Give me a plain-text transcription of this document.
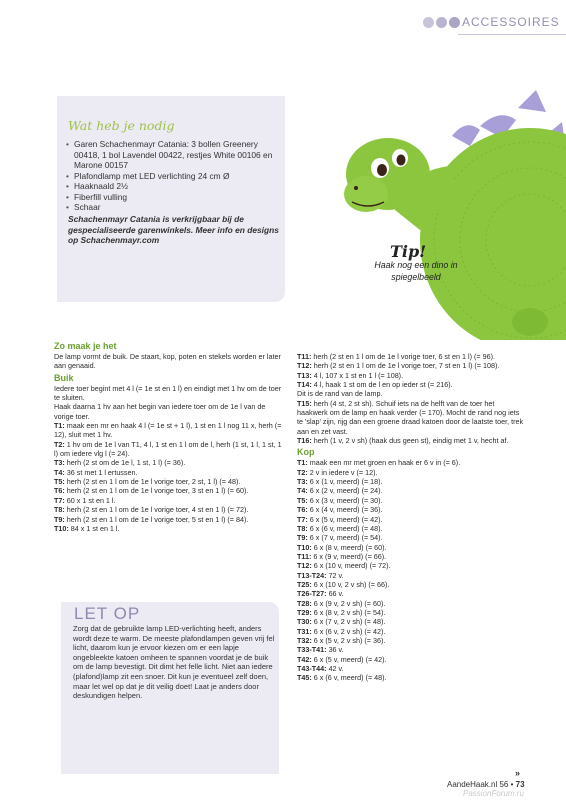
ACCESSOIRES
Wat heb je nodig
• Garen Schachenmayr Catania: 3 bollen Greenery 00418, 1 bol Lavendel 00422, restjes White 00106 en Marone 00157
• Plafondlamp met LED verlichting 24 cm Ø
• Haaknaald 2½
• Fiberfill vulling
• Schaar
Schachenmayr Catania is verkrijgbaar bij de gespecialiseerde garenwinkels. Meer info en designs op Schachenmayr.com
Tip!
Haak nog een dino in spiegelbeeld

Zo maak je het

De lamp vormt de buik. De staart, kop, poten en stekels worden er later aan genaaid.

Buik

Iedere toer begint met 4 l (= 1e st en 1 l) en eindigt met 1 hv om de toer te sluiten.

Haak daarna 1 hv aan het begin van iedere toer om de 1e l van de vorige toer.

T1: maak een mr en haak 4 l (= 1e st + 1 l), 1 st en 1 l nog 11 x, herh (= 12), sluit met 1 hv.

T2: 1 hv om de 1e l van T1, 4 l, 1 st en 1 l om de l, herh (1 st, 1 l, 1 st, 1 l) om iedere vlg l (= 24).

T3: herh (2 st om de 1e l, 1 st, 1 l) (= 36).

T4: 36 st met 1 l ertussen.

T5: herh (2 st en 1 l om de 1e l vorige toer, 2 st, 1 l) (= 48).

T6: herh (2 st en 1 l om de 1e l vorige toer, 3 st en 1 l) (= 60).

T7: 60 x 1 st en 1 l.

T8: herh (2 st en 1 l om de 1e l vorige toer, 4 st en 1 l) (= 72).

T9: herh (2 st en 1 l om de 1e l vorige toer, 5 st en 1 l) (= 84).

T10: 84 x 1 st en 1 l.

T11: herh (2 st en 1 l om de 1e l vorige toer, 6 st en 1 l) (= 96).

T12: herh (2 st en 1 l om de 1e l vorige toer, 7 st en 1 l) (= 108).

T13: 4 l, 107 x 1 st en 1 l (= 108).

T14: 4 l, haak 1 st om de l en op ieder st (= 216).

Dit is de rand van de lamp.

T15: herh (4 st, 2 st sh). Schuif iets na de helft van de toer het haakwerk om de lamp en haak verder (= 170). Mocht de rand nog iets te 'slap' zijn, rijg dan een groene draad katoen door de laatste toer, trek aan en zet vast.

T16: herh (1 v, 2 v sh) (haak dus geen st), eindig met 1 v, hecht af.

Kop

T1: maak een mr met groen en haak er 6 v in (= 6).

T2: 2 v in iedere v (= 12).

T3: 6 x (1 v, meerd) (= 18).

T4: 6 x (2 v, meerd) (= 24).

T5: 6 x (3 v, meerd) (= 30).

T6: 6 x (4 v, meerd) (= 36).

T7: 6 x (5 v, meerd) (= 42).

T8: 6 x (6 v, meerd) (= 48).

T9: 6 x (7 v, meerd) (= 54).

T10: 6 x (8 v, meerd) (= 60).

T11: 6 x (9 v, meerd) (= 66).

T12: 6 x (10 v, meerd) (= 72).

T13-T24: 72 v.

T25: 6 x (10 v, 2 v sh) (= 66).

T26-T27: 66 v.

T28: 6 x (9 v, 2 v sh) (= 60).

T29: 6 x (8 v, 2 v sh) (= 54).

T30: 6 x (7 v, 2 v sh) (= 48).

T31: 6 x (6 v, 2 v sh) (= 42).

T32: 6 x (5 v, 2 v sh) (= 36).

T33-T41: 36 v.

T42: 6 x (5 v, meerd) (= 42).

T43-T44: 42 v.

T45: 6 x (6 v, meerd) (= 48).

LET OP
Zorg dat de gebruikte lamp LED-verlichting heeft, anders wordt deze te warm. De meeste plafondlampen geven vrij fel licht, daarom kun je ervoor kiezen om er een lapje ongebleekte katoen omheen te spannen voordat je de buik om de lamp bevestigt. Dit dimt het felle licht. Niet aan iedere (plafond)lamp zit een snoer. Dit kun je eventueel zelf doen, maar let wel op dat je dit veilig doet! Laat je anders door deskundigen helpen.
»
AandeHaak.nl 56 • 73
PassionForum.ru
